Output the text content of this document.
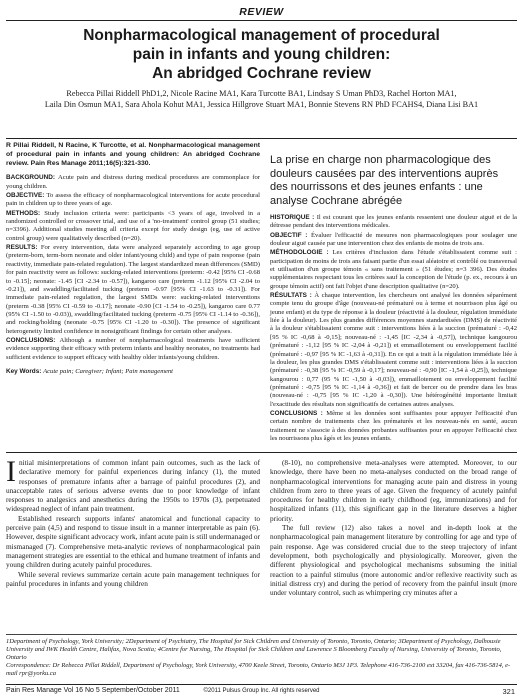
REVIEW
Nonpharmacological management of procedural
pain in infants and young children:
An abridged Cochrane review
Rebecca Pillai Riddell PhD1,2, Nicole Racine MA1, Kara Turcotte BA1, Lindsay S Uman PhD3, Rachel Horton MA1,
Laila Din Osmun MA1, Sara Ahola Kohut MA1, Jessica Hillgrove Stuart MA1, Bonnie Stevens RN PhD FCAHS4, Diana Lisi BA1
R Pillai Riddell, N Racine, K Turcotte, et al. Nonpharmacological management of procedural pain in infants and young children: An abridged Cochrane review. Pain Res Manage 2011;16(5):321-330.

BACKGROUND: Acute pain and distress during medical procedures are commonplace for young children.

OBJECTIVE: To assess the efficacy of nonpharmacological interventions for acute procedural pain in children up to three years of age.

METHODS: Study inclusion criteria were: participants <3 years of age, involved in a randomized controlled or crossover trial, and use of a 'no-treatment' control group (51 studies; n=3396). Additional studies meeting all criteria except for study design (eg, use of active control group) were qualitatively described (n=20).

RESULTS: For every intervention, data were analyzed separately according to age group (preterm-born, term-born neonate and older infant/young child) and type of pain response (pain reactivity, immediate pain-related regulation). The largest standardized mean differences (SMD) for pain reactivity were as follows: sucking-related interventions (preterm: -0.42 [95% CI -0.68 to -0.15]; neonate: -1.45 [CI -2.34 to -0.57]), kangaroo care (preterm -1.12 [95% CI -2.04 to -0.21]), and swaddling/facilitated tucking (preterm -0.97 [95% CI -1.63 to -0.31]). For immediate pain-related regulation, the largest SMDs were: sucking-related interventions (preterm -0.38 [95% CI -0.59 to -0.17]; neonate -0.90 [CI -1.54 to -0.25]), kangaroo care 0.77 (95% CI -1.50 to -0.03)), swaddling/facilitated tucking (preterm -0.75 [95% CI -1.14 to -0.36]), and rocking/holding (neonate -0.75 [95% CI -1.20 to -0.30]). The presence of significant heterogeneity limited confidence in nonsignificant findings for certain other analyses.

CONCLUSIONS: Although a number of nonpharmacological treatments have sufficient evidence supporting their efficacy with preterm infants and healthy neonates, no treatments had sufficient evidence to support efficacy with healthy older infants/young children.

Key Words: Acute pain; Caregiver; Infant; Pain management
La prise en charge non pharmacologique des douleurs causées par des interventions auprès des nourrissons et des jeunes enfants : une analyse Cochrane abrégée

HISTORIQUE : Il est courant que les jeunes enfants ressentent une douleur aiguë et de la détresse pendant des interventions médicales.

OBJECTIF : Évaluer l'efficacité de mesures non pharmacologiques pour soulager une douleur aiguë causée par une intervention chez des enfants de moins de trois ans.

MÉTHODOLOGIE : Les critères d'inclusion dans l'étude s'établissaient comme suit : participation de moins de trois ans faisant partie d'un essai aléatoire et contrôlé ou transversal et utilisation d'un groupe témoin « sans traitement » (51 études; n=3 396). Des études supplémentaires respectant tous les critères sauf la conception de l'étude (p. ex., recours à un groupe témoin actif) ont fait l'objet d'une description qualitative (n=20).

RÉSULTATS : À chaque intervention, les chercheurs ont analysé les données séparément compte tenu du groupe d'âge (nouveau-né prématuré ou à terme et nourrisson plus âgé ou jeune enfant) et du type de réponse à la douleur (réactivité à la douleur, régulation immédiate liée à la douleur). Les plus grandes différences moyennes standardisées (DMS) de réactivité à la douleur s'établissaient comme suit : interventions liées à la succion (prématuré : -0,42 [95 % IC -0,68 à -0,15]; nouveau-né : -1,45 [IC -2,34 à -0,57]), technique kangourou (prématuré : -1,12 [95 % IC -2,04 à -0,21]) et emmaillotement ou enveloppement facilité (prématuré : -0,97 [95 % IC -1,63 à -0,31]). En ce qui a trait à la régulation immédiate liée à la douleur, les plus grandes DMS s'établissaient comme suit : interventions liées à la succion (prématuré : -0,38 [95 % IC -0,59 à -0,17]; nouveau-né : -0,90 [IC -1,54 à -0,25]), technique kangourou : 0,77 (95 % IC -1,50 à -0,03]), emmaillotement ou enveloppement facilité (prématuré : -0,75 [95 % IC -1,14 à -0,36]) et fait de bercer ou de prendre dans les bras (nouveau-né : -0,75 [95 % IC -1,20 à -0,30]). Une hétérogénéité importante limitait l'exactitude des résultats non significatifs de certaines autres analyses.

CONCLUSIONS : Même si les données sont suffisantes pour appuyer l'efficacité d'un certain nombre de traitements chez les prématurés et les nouveau-nés en santé, aucun traitement ne s'associe à des données probantes suffisantes pour en appuyer l'efficacité chez les nourrissons plus âgés et les jeunes enfants.

Initial misinterpretations of common infant pain outcomes, such as the lack of declarative memory for painful experiences during infancy (1), the muted responses of premature infants after a barrage of painful procedures (2), and unacceptable rates of serious adverse events due to poor knowledge of infant responses to analgesics and anesthetics during the 1950s to 1970s (3), perpetuated widespread neglect of infant pain treatment.

Established research supports infants' anatomical and functional capacity to perceive pain (4,5) and respond to tissue insult in a manner interpretable as pain (6). However, despite significant advocacy work, infant acute pain is still undermanaged or mismanaged (7). Comprehensive meta-analytic reviews of nonpharmacological pain management strategies are essential to the ethical and humane treatment of infants and young children during acutely painful procedures.

While several reviews summarize certain acute pain management techniques for painful procedures in infants and young children

(8-10), no comprehensive meta-analyses were attempted. Moreover, to our knowledge, there have been no meta-analyses conducted on the broad range of nonpharmacological interventions for managing acute pain and distress in young children from zero to three years of age. Given the frequency of acutely painful procedures for healthy children in early childhood (eg, immunizations) and for hospitalized infants (11), this significant gap in the literature deserves a higher priority.

The full review (12) also takes a novel and in-depth look at the nonpharmacological pain management literature by controlling for age and type of pain response. Age was considered crucial due to the steep trajectory of infant development, both psychologically and physiologically. Moreover, given the different physiological and psychological mechanisms subsuming the initial reaction to a painful stimulus (more autonomic and/or reflexive reactivity such as initial distress cry) and during the period of recovery from the painful insult (more under voluntary control, such as whimpering cry minutes after a

1Department of Psychology, York University; 2Department of Psychiatry, The Hospital for Sick Children and University of Toronto, Toronto, Ontario; 3Department of Psychology, Dalhousie University and IWK Health Centre, Halifax, Nova Scotia; 4Centre for Nursing, The Hospital for Sick Children and Lawrence S Bloomberg Faculty of Nursing, University of Toronto, Toronto, Ontario
Correspondence: Dr Rebecca Pillai Riddell, Department of Psychology, York University, 4700 Keele Street, Toronto, Ontario M3J 1P3. Telephone 416-736-2100 ext 33204, fax 416-736-5814, e-mail rpr@yorku.ca
Pain Res Manage Vol 16 No 5 September/October 2011	©2011 Pulsus Group Inc. All rights reserved	321
